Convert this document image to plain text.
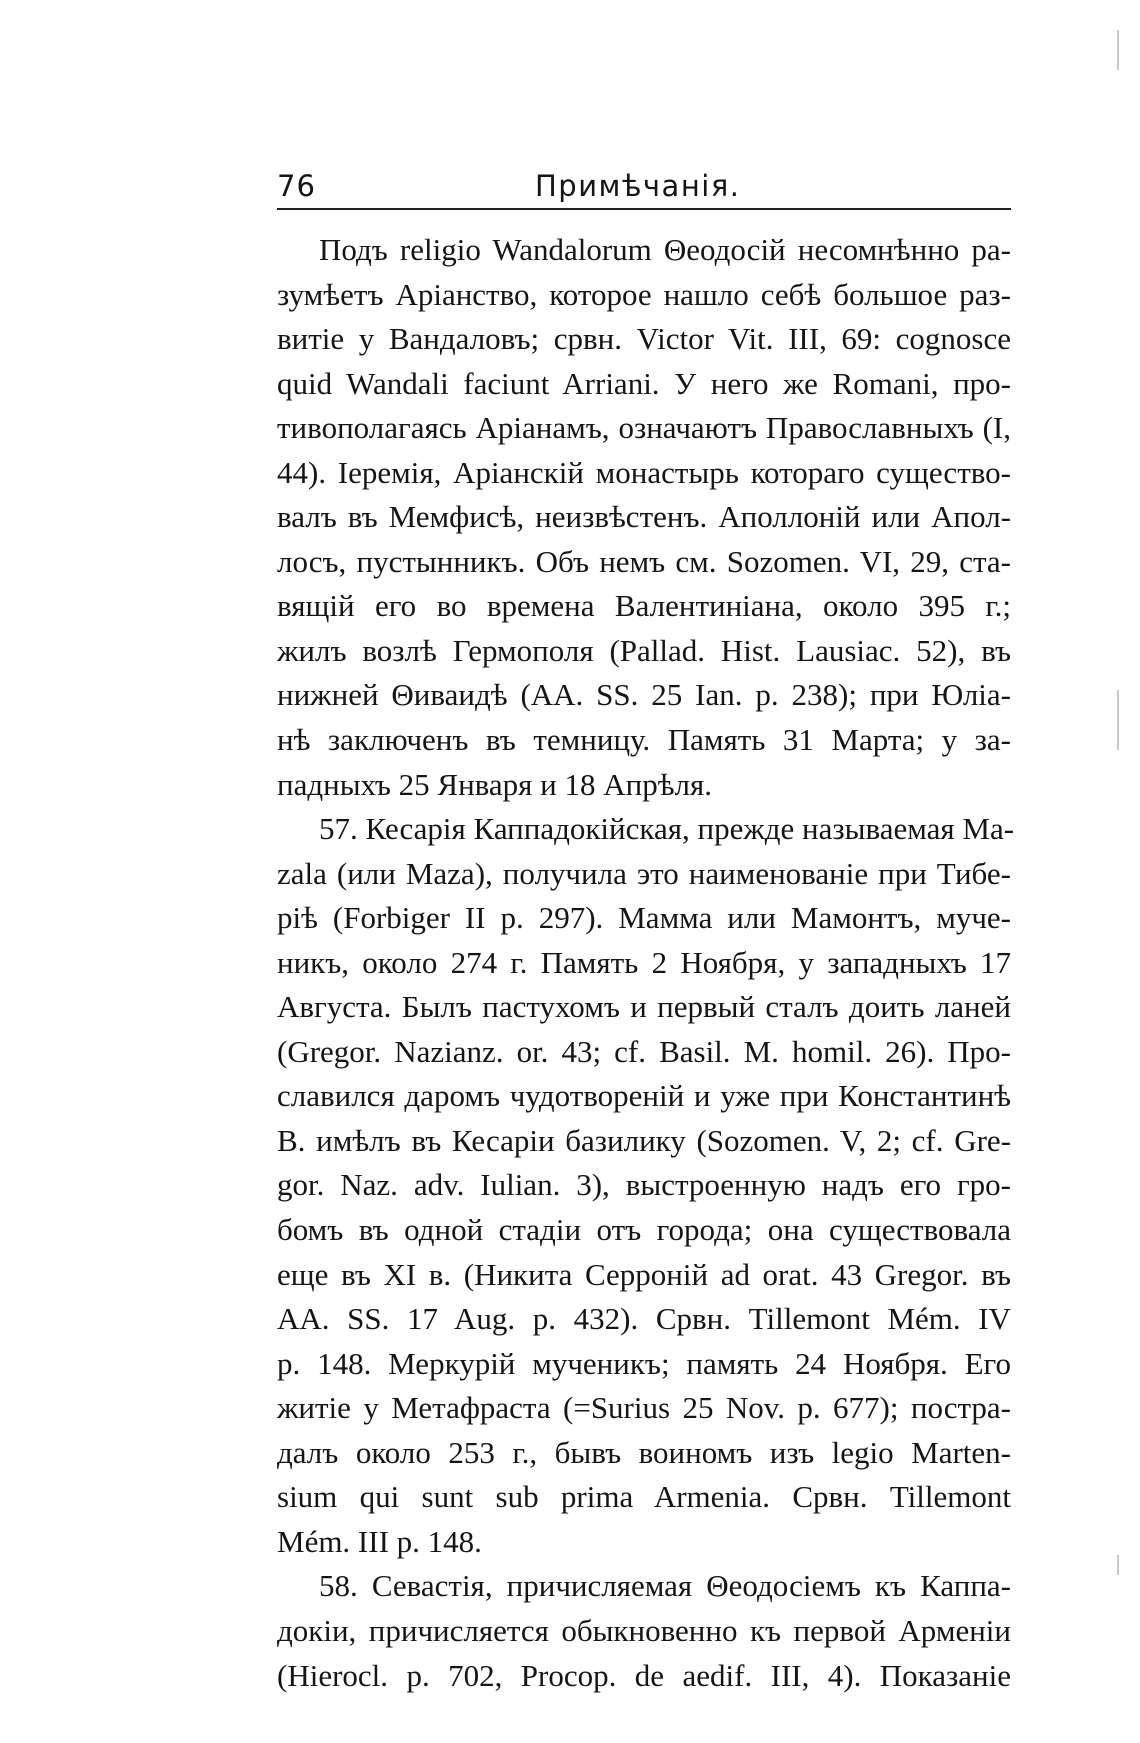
76	Примѣчанія.
Подъ religio Wandalorum Θеодосій несомнѣнно ра-
зумѣетъ Аріанство, которое нашло себѣ большое раз-
витіе у Вандаловъ; срвн. Victor Vit. III, 69: cognosce
quid Wandali faciunt Arriani. У него же Romani, про-
тивополагаясь Аріанамъ, означаютъ Православныхъ (I,
44). Іеремія, Аріанскій монастырь котораго существо-
валъ въ Мемфисѣ, неизвѣстенъ. Аполлоній или Апол-
лосъ, пустынникъ. Объ немъ см. Sozomen. VI, 29, ста-
вящій его во времена Валентиніана, около 395 г.;
жилъ возлѣ Гермополя (Pallad. Hist. Lausiac. 52), въ
нижней Θиваидѣ (AA. SS. 25 Ian. p. 238); при Юліа-
нѣ заключенъ въ темницу. Память 31 Марта; у за-
падныхъ 25 Января и 18 Апрѣля.
57. Кесарія Каппадокійская, прежде называемая Ma-
zala (или Maza), получила это наименованіе при Тибе-
ріѣ (Forbiger II p. 297). Мамма или Мамонтъ, муче-
никъ, около 274 г. Память 2 Ноября, у западныхъ 17
Августа. Былъ пастухомъ и первый сталъ доить ланей
(Gregor. Nazianz. or. 43; cf. Basil. M. homil. 26). Про-
славился даромъ чудотвореній и уже при Константинѣ
В. имѣлъ въ Кесаріи базилику (Sozomen. V, 2; cf. Gre-
gor. Naz. adv. Iulian. 3), выстроенную надъ его гро-
бомъ въ одной стадіи отъ города; она существовала
еще въ XI в. (Никита Серроній ad orat. 43 Gregor. въ
AA. SS. 17 Aug. p. 432). Срвн. Tillemont Mém. IV
p. 148. Меркурій мученикъ; память 24 Ноября. Его
житіе у Метафраста (=Surius 25 Nov. p. 677); постра-
далъ около 253 г., бывъ воиномъ изъ legio Marten-
sium qui sunt sub prima Armenia. Срвн. Tillemont
Mém. III p. 148.
58. Севастія, причисляемая Θеодосіемъ къ Каппа-
докіи, причисляется обыкновенно къ первой Арменіи
(Hierocl. p. 702, Procop. de aedif. III, 4). Показаніе
